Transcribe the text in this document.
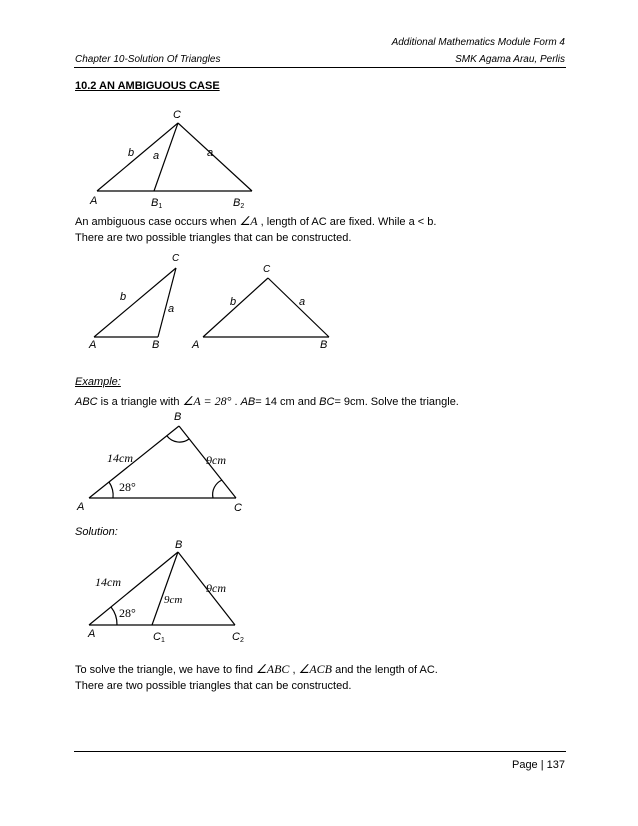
Additional Mathematics Module Form 4
Chapter 10-Solution Of Triangles	SMK Agama Arau, Perlis
10.2 AN AMBIGUOUS CASE
C
b a	a
A	B1	B2
An ambiguous case occurs when ∠A , length of AC are fixed. While a < b.
There are two possible triangles that can be constructed.
C
b
a
A	B
C
b	a
A	B
Example:
ABC is a triangle with ∠A = 28° . AB= 14 cm and BC= 9cm. Solve the triangle.
B
14cm	9cm
28°
A	C
Solution:
B
14cm	9cm
9cm
28°
A	C1	C2
To solve the triangle, we have to find ∠ABC , ∠ACB and the length of AC.
There are two possible triangles that can be constructed.
Page | 137
